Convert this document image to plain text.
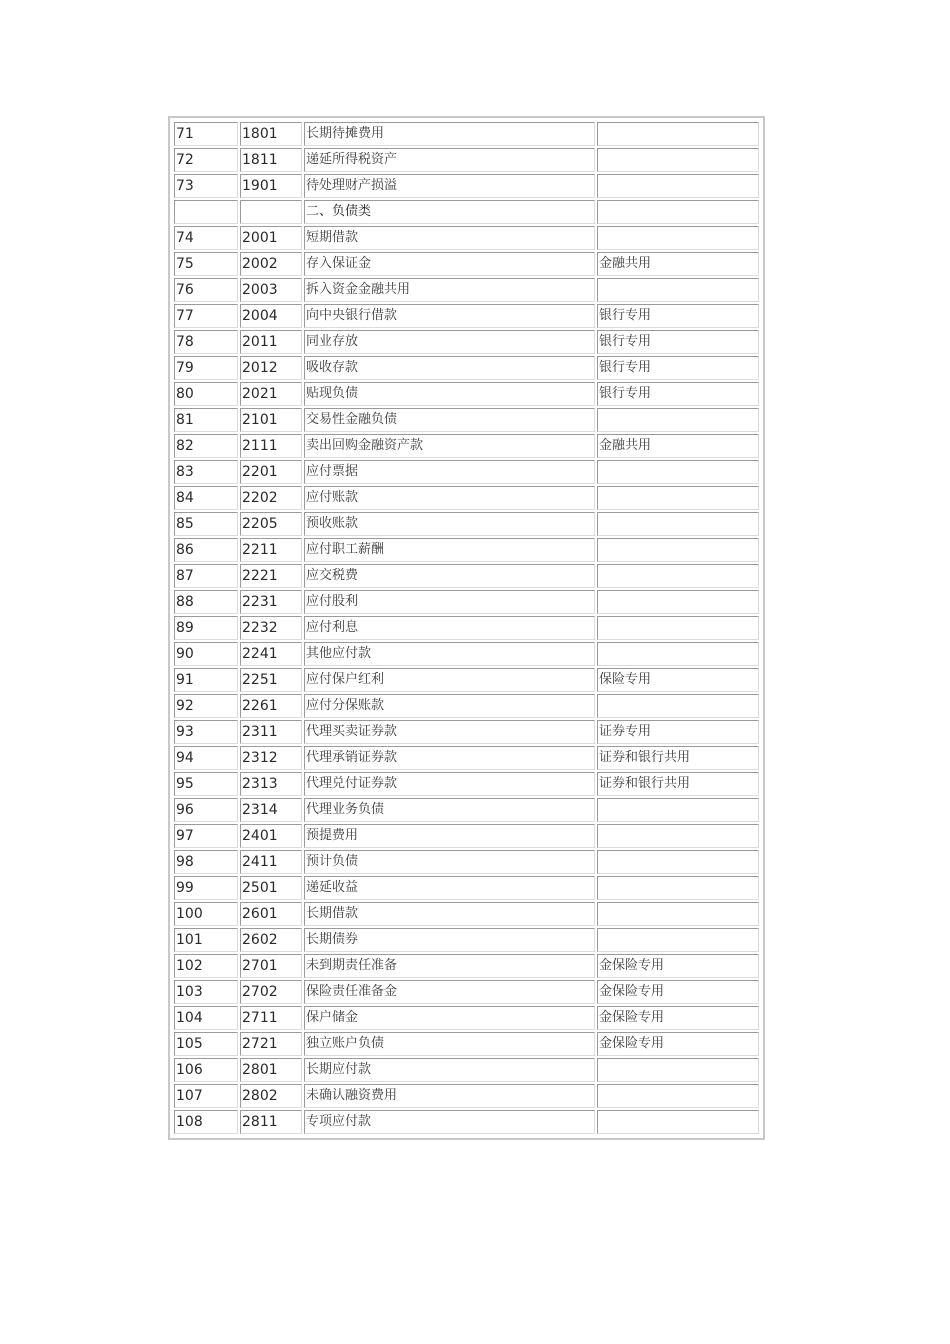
71	1801	长期待摊费用	
72	1811	递延所得税资产	
73	1901	待处理财产损溢	
		二、负债类	
74	2001	短期借款	
75	2002	存入保证金	金融共用
76	2003	拆入资金金融共用	
77	2004	向中央银行借款	银行专用
78	2011	同业存放	银行专用
79	2012	吸收存款	银行专用
80	2021	贴现负债	银行专用
81	2101	交易性金融负债	
82	2111	卖出回购金融资产款	金融共用
83	2201	应付票据	
84	2202	应付账款	
85	2205	预收账款	
86	2211	应付职工薪酬	
87	2221	应交税费	
88	2231	应付股利	
89	2232	应付利息	
90	2241	其他应付款	
91	2251	应付保户红利	保险专用
92	2261	应付分保账款	
93	2311	代理买卖证券款	证券专用
94	2312	代理承销证券款	证券和银行共用
95	2313	代理兑付证券款	证券和银行共用
96	2314	代理业务负债	
97	2401	预提费用	
98	2411	预计负债	
99	2501	递延收益	
100	2601	长期借款	
101	2602	长期债券	
102	2701	未到期责任准备	金保险专用
103	2702	保险责任准备金	金保险专用
104	2711	保户储金	金保险专用
105	2721	独立账户负债	金保险专用
106	2801	长期应付款	
107	2802	未确认融资费用	
108	2811	专项应付款	
